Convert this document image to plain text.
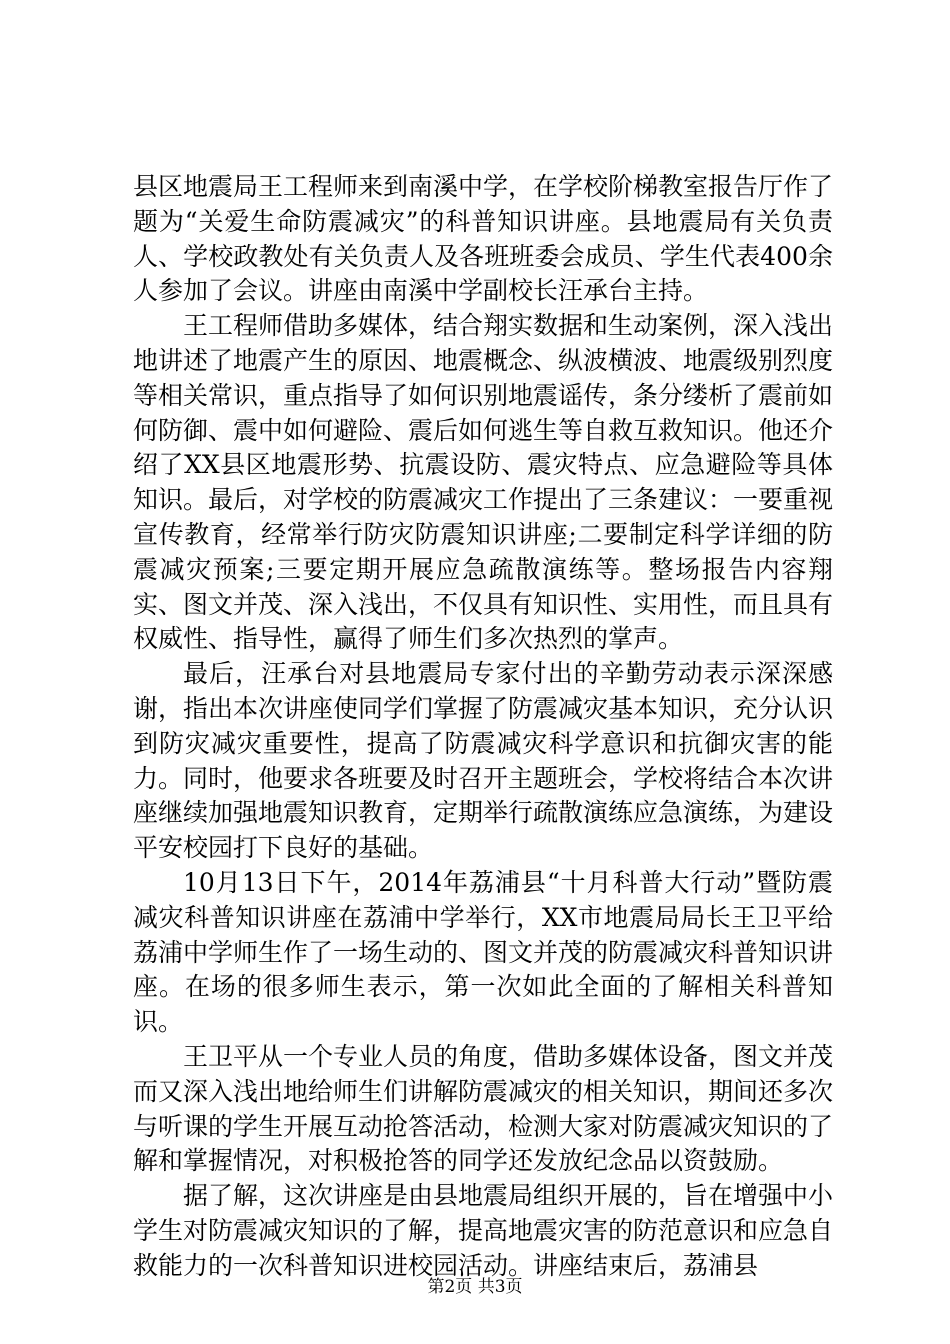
县区地震局王工程师来到南溪中学，在学校阶梯教室报告厅作了题为“关爱生命防震减灾”的科普知识讲座。县地震局有关负责人、学校政教处有关负责人及各班班委会成员、学生代表400余人参加了会议。讲座由南溪中学副校长汪承台主持。

王工程师借助多媒体，结合翔实数据和生动案例，深入浅出地讲述了地震产生的原因、地震概念、纵波横波、地震级别烈度等相关常识，重点指导了如何识别地震谣传，条分缕析了震前如何防御、震中如何避险、震后如何逃生等自救互救知识。他还介绍了XX县区地震形势、抗震设防、震灾特点、应急避险等具体知识。最后，对学校的防震减灾工作提出了三条建议：一要重视宣传教育，经常举行防灾防震知识讲座;二要制定科学详细的防震减灾预案;三要定期开展应急疏散演练等。整场报告内容翔实、图文并茂、深入浅出，不仅具有知识性、实用性，而且具有权威性、指导性，赢得了师生们多次热烈的掌声。

最后，汪承台对县地震局专家付出的辛勤劳动表示深深感谢，指出本次讲座使同学们掌握了防震减灾基本知识，充分认识到防灾减灾重要性，提高了防震减灾科学意识和抗御灾害的能力。同时，他要求各班要及时召开主题班会，学校将结合本次讲座继续加强地震知识教育，定期举行疏散演练应急演练，为建设平安校园打下良好的基础。

10月13日下午，2014年荔浦县“十月科普大行动”暨防震减灾科普知识讲座在荔浦中学举行，XX市地震局局长王卫平给荔浦中学师生作了一场生动的、图文并茂的防震减灾科普知识讲座。在场的很多师生表示，第一次如此全面的了解相关科普知识。

王卫平从一个专业人员的角度，借助多媒体设备，图文并茂而又深入浅出地给师生们讲解防震减灾的相关知识，期间还多次与听课的学生开展互动抢答活动，检测大家对防震减灾知识的了解和掌握情况，对积极抢答的同学还发放纪念品以资鼓励。

据了解，这次讲座是由县地震局组织开展的，旨在增强中小学生对防震减灾知识的了解，提高地震灾害的防范意识和应急自救能力的一次科普知识进校园活动。讲座结束后，荔浦县

第2页 共3页
